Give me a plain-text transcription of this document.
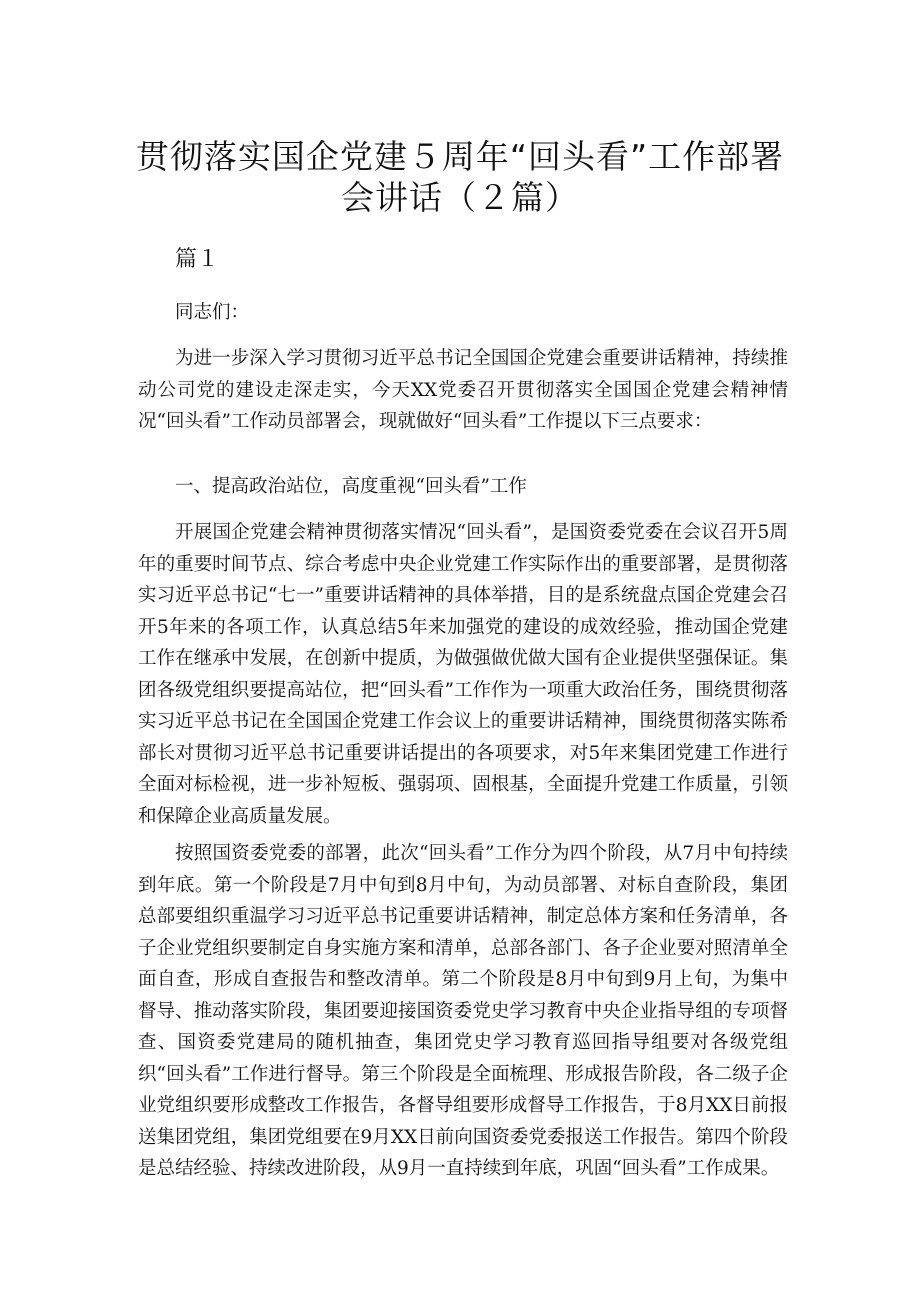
贯彻落实国企党建５周年“回头看”工作部署
会讲话（２篇）
篇１
同志们：

为进一步深入学习贯彻习近平总书记全国国企党建会重要讲话精神，持续推动公司党的建设走深走实，今天XX党委召开贯彻落实全国国企党建会精神情况“回头看”工作动员部署会，现就做好“回头看”工作提以下三点要求：

一、提高政治站位，高度重视“回头看”工作

开展国企党建会精神贯彻落实情况“回头看”，是国资委党委在会议召开5周年的重要时间节点、综合考虑中央企业党建工作实际作出的重要部署，是贯彻落实习近平总书记“七一”重要讲话精神的具体举措，目的是系统盘点国企党建会召开5年来的各项工作，认真总结5年来加强党的建设的成效经验，推动国企党建工作在继承中发展，在创新中提质，为做强做优做大国有企业提供坚强保证。集团各级党组织要提高站位，把“回头看”工作作为一项重大政治任务，围绕贯彻落实习近平总书记在全国国企党建工作会议上的重要讲话精神，围绕贯彻落实陈希部长对贯彻习近平总书记重要讲话提出的各项要求，对5年来集团党建工作进行全面对标检视，进一步补短板、强弱项、固根基，全面提升党建工作质量，引领和保障企业高质量发展。

按照国资委党委的部署，此次“回头看”工作分为四个阶段，从7月中旬持续到年底。第一个阶段是7月中旬到8月中旬，为动员部署、对标自查阶段，集团总部要组织重温学习习近平总书记重要讲话精神，制定总体方案和任务清单，各子企业党组织要制定自身实施方案和清单，总部各部门、各子企业要对照清单全面自查，形成自查报告和整改清单。第二个阶段是8月中旬到9月上旬，为集中督导、推动落实阶段，集团要迎接国资委党史学习教育中央企业指导组的专项督查、国资委党建局的随机抽查，集团党史学习教育巡回指导组要对各级党组织“回头看”工作进行督导。第三个阶段是全面梳理、形成报告阶段，各二级子企业党组织要形成整改工作报告，各督导组要形成督导工作报告，于8月XX日前报送集团党组，集团党组要在9月XX日前向国资委党委报送工作报告。第四个阶段是总结经验、持续改进阶段，从9月一直持续到年底，巩固“回头看”工作成果。
